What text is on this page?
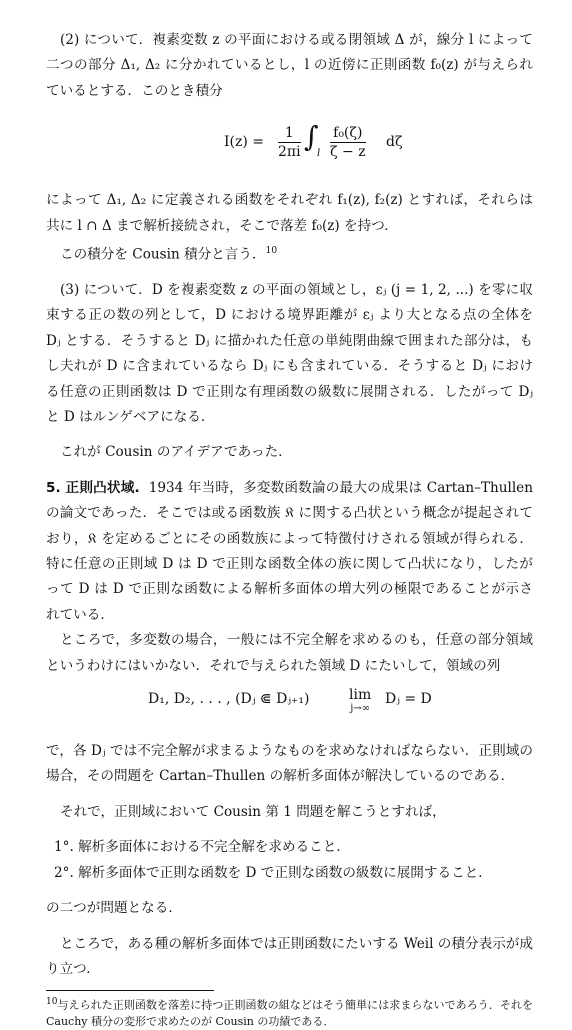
(2) について．複素変数 z の平面における或る閉領域 Δ が，線分 l によって二つの部分 Δ₁, Δ₂ に分かれているとし，l の近傍に正則函数 f₀(z) が与えられているとする．このとき積分

$I(z) = \frac{1}{2\pi i}$ ∫
l $\frac{\text{f₀(ζ)}}{\zeta - z}$ dζ

によって Δ₁, Δ₂ に定義される函数をそれぞれ f₁(z), f₂(z) とすれば，それらは共に l ∩ Δ まで解析接続され，そこで落差 f₀(z) を持つ．

この積分を Cousin 積分と言う．$^{10}$

(3) について．D を複素変数 z の平面の領域とし，εⱼ (j = 1, 2, ...) を零に収束する正の数の列として，D における境界距離が εⱼ より大となる点の全体を Dⱼ とする．そうすると Dⱼ に描かれた任意の単純閉曲線で囲まれた部分は，もし夫れが D に含まれているなら Dⱼ にも含まれている．そうすると Dⱼ における任意の正則函数は D で正則な有理函数の級数に展開される．したがって Dⱼ と D はルンゲベアになる．

これが Cousin のアイデアであった．

5. 正則凸状域. 1934 年当時，多変数函数論の最大の成果は Cartan–Thullen の論文であった．そこでは或る函数族 𝔎 に関する凸状という概念が提起されており，𝔎 を定めるごとにその函数族によって特徴付けされる領域が得られる．特に任意の正則域 D は D で正則な函数全体の族に関して凸状になり，したがって D は D で正則な函数による解析多面体の増大列の極限であることが示されている．

ところで，多変数の場合，一般には不完全解を求めるのも，任意の部分領域というわけにはいかない．それで与えられた領域 D にたいして，領域の列

D₁, D₂, . . . , (Dⱼ ⋐ Dⱼ₊₁)	lim
j→∞
Dⱼ = D

で，各 Dⱼ では不完全解が求まるようなものを求めなければならない．正則域の場合，その問題を Cartan–Thullen の解析多面体が解決しているのである．

それで，正則域において Cousin 第 1 問題を解こうとすれば，

1°. 解析多面体における不完全解を求めること．

2°. 解析多面体で正則な函数を D で正則な函数の級数に展開すること．

の二つが問題となる．

ところで，ある種の解析多面体では正則函数にたいする Weil の積分表示が成り立つ．

$^{10}$与えられた正則函数を落差に持つ正則函数の組などはそう簡単には求まらないであろう．それを Cauchy 積分の変形で求めたのが Cousin の功績である．
